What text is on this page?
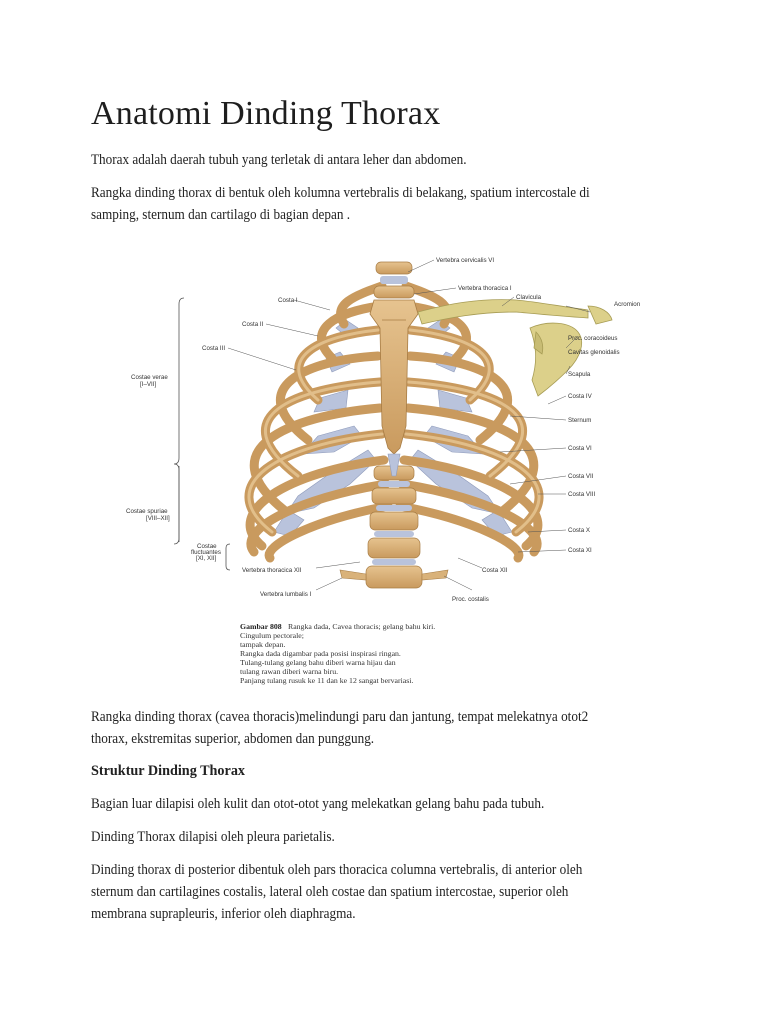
Anatomi Dinding Thorax

Thorax adalah daerah tubuh yang terletak di antara leher dan abdomen.

Rangka dinding thorax di bentuk oleh kolumna vertebralis di belakang, spatium intercostale di

samping, sternum dan cartilago di bagian depan .

Costae verae
[I–VII]
Costae spuriae
[VIII–XII]
Costae
fluctuantes
[XI, XII]
Vertebra cervicalis VI
Vertebra thoracica I
Clavicula
Acromion
Proc. coracoideus
Cavitas glenoidalis
Scapula
Costa IV
Sternum
Costa VI
Costa VII
Costa VIII
Costa X
Costa XI
Costa XII
Proc. costalis
Vertebra lumbalis I
Vertebra thoracica XII
Costa I
Costa II
Costa III
Gambar 808 Rangka dada, Cavea thoracis; gelang bahu kiri.
Cingulum pectorale;
tampak depan.
Rangka dada digambar pada posisi inspirasi ringan.
Tulang-tulang gelang bahu diberi warna hijau dan
tulang rawan diberi warna biru.
Panjang tulang rusuk ke 11 dan ke 12 sangat bervariasi.

Rangka dinding thorax (cavea thoracis)melindungi paru dan jantung, tempat melekatnya otot2

thorax, ekstremitas superior, abdomen dan punggung.

Struktur Dinding Thorax

Bagian luar dilapisi oleh kulit dan otot-otot yang melekatkan gelang bahu pada tubuh.

Dinding Thorax dilapisi oleh pleura parietalis.

Dinding thorax di posterior dibentuk oleh pars thoracica columna vertebralis, di anterior oleh

sternum dan cartilagines costalis, lateral oleh costae dan spatium intercostae, superior oleh

membrana suprapleuris, inferior oleh diaphragma.
